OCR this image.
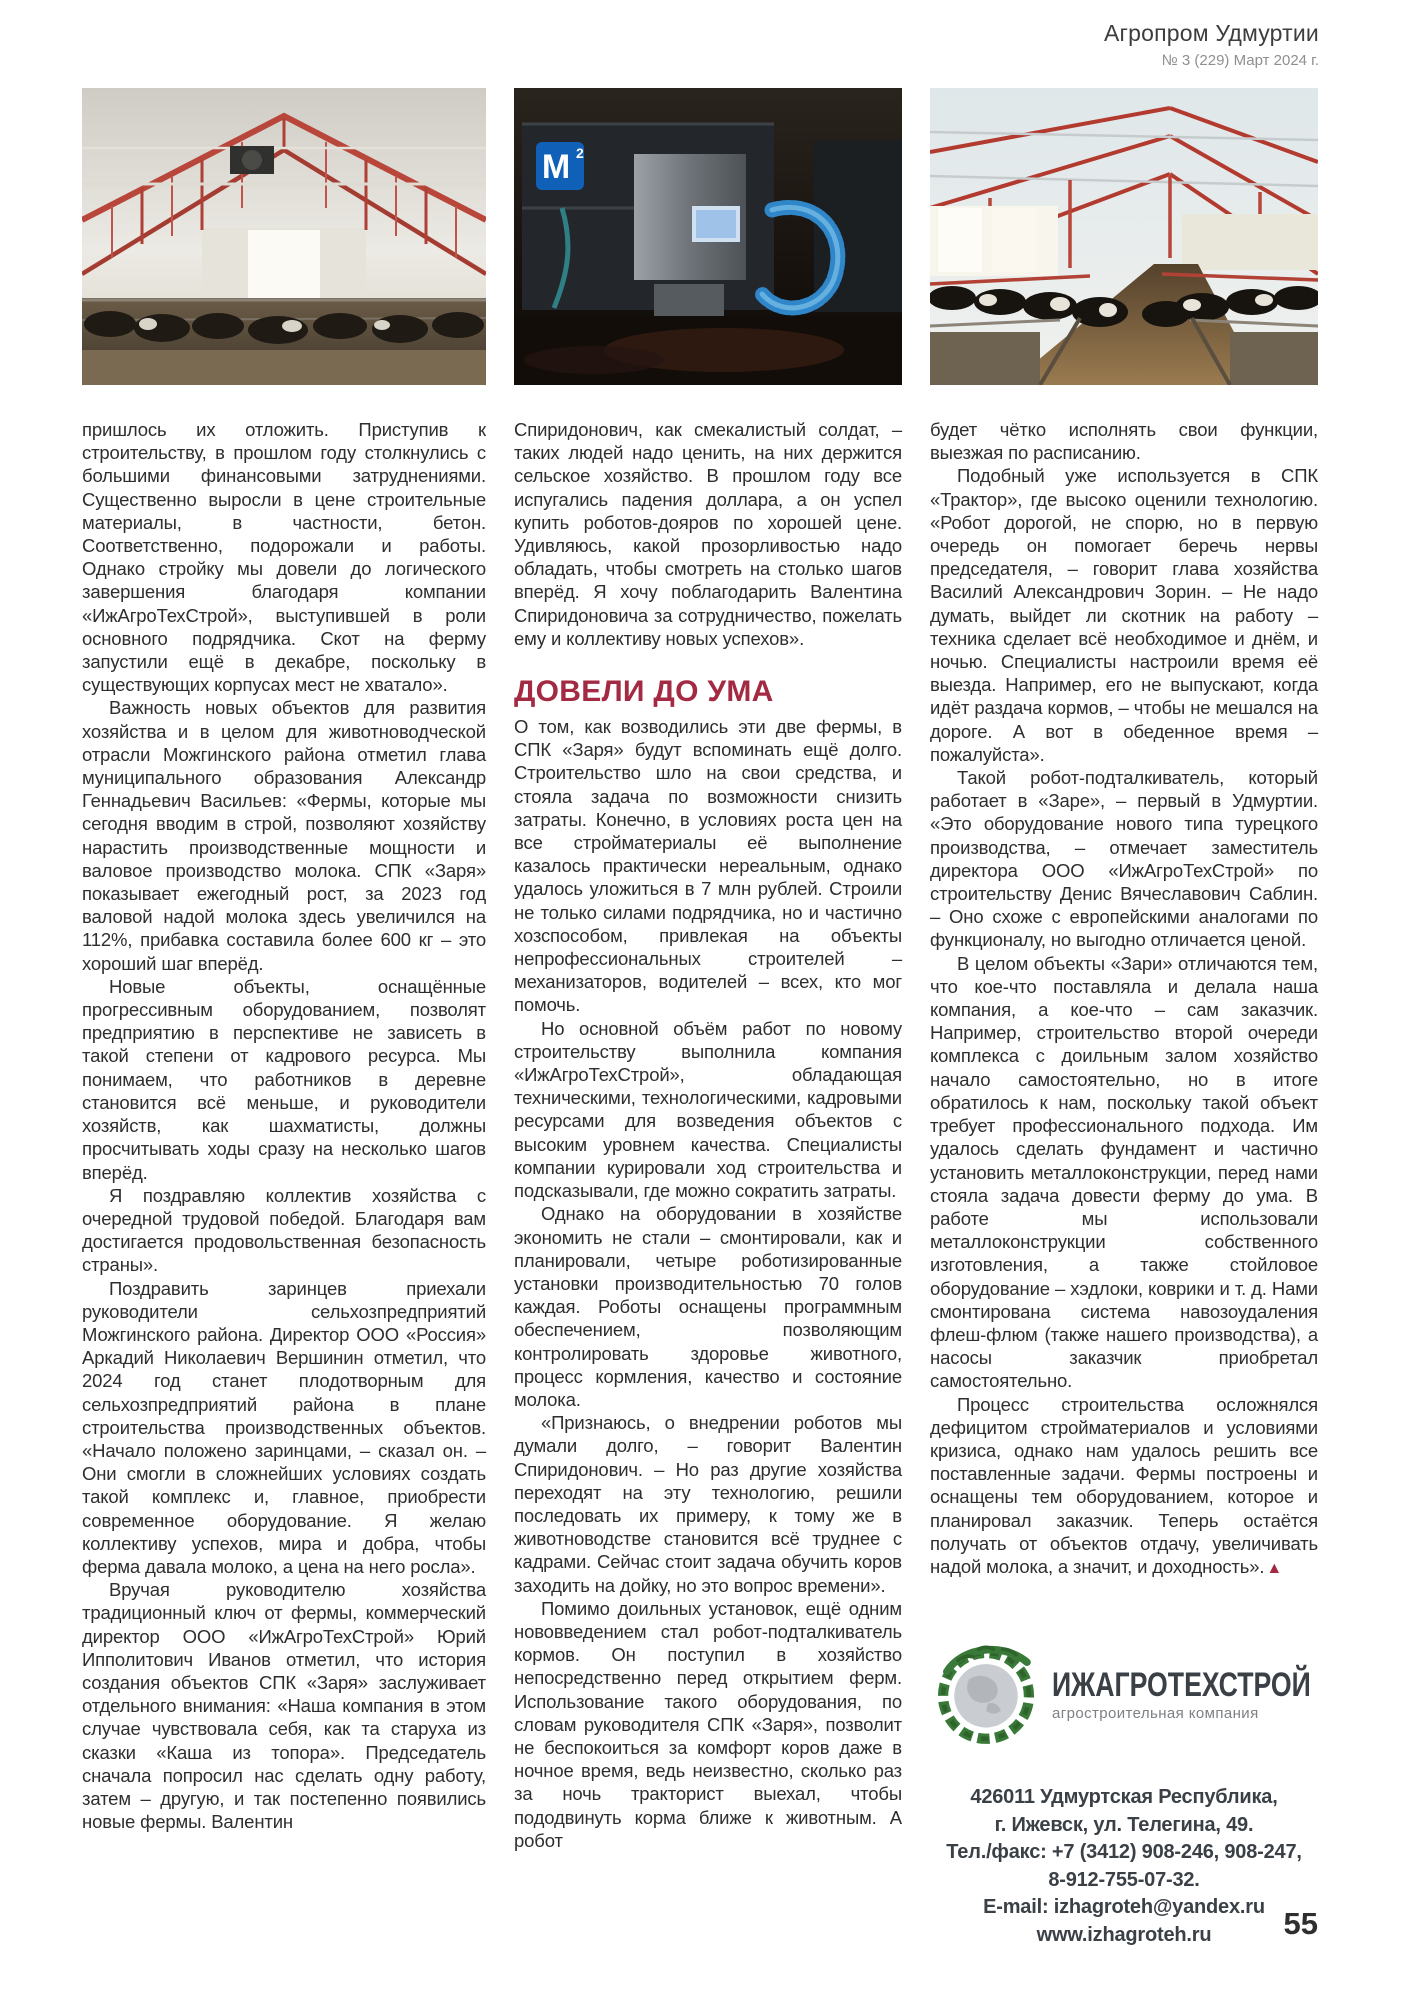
Агропром Удмуртии
№ 3 (229) Март 2024 г.

пришлось их отложить. Приступив к строительству, в прошлом году столкнулись с большими финансовыми затруднениями. Существенно выросли в цене строительные материалы, в частности, бетон. Соответственно, подорожали и работы. Однако стройку мы довели до логического завершения благодаря компании «ИжАгроТехСтрой», выступившей в роли основного подрядчика. Скот на ферму запустили ещё в декабре, поскольку в существующих корпусах мест не хватало».

Важность новых объектов для развития хозяйства и в целом для животноводческой отрасли Можгинского района отметил глава муниципального образования Александр Геннадьевич Васильев: «Фермы, которые мы сегодня вводим в строй, позволяют хозяйству нарастить производственные мощности и валовое производство молока. СПК «Заря» показывает ежегодный рост, за 2023 год валовой надой молока здесь увеличился на 112%, прибавка составила более 600 кг – это хороший шаг вперёд.

Новые объекты, оснащённые прогрессивным оборудованием, позволят предприятию в перспективе не зависеть в такой степени от кадрового ресурса. Мы понимаем, что работников в деревне становится всё меньше, и руководители хозяйств, как шахматисты, должны просчитывать ходы сразу на несколько шагов вперёд.

Я поздравляю коллектив хозяйства с очередной трудовой победой. Благодаря вам достигается продовольственная безопасность страны».

Поздравить заринцев приехали руководители сельхозпредприятий Можгинского района. Директор ООО «Россия» Аркадий Николаевич Вершинин отметил, что 2024 год станет плодотворным для сельхозпредприятий района в плане строительства производственных объектов. «Начало положено заринцами, – сказал он. – Они смогли в сложнейших условиях создать такой комплекс и, главное, приобрести современное оборудование. Я желаю коллективу успехов, мира и добра, чтобы ферма давала молоко, а цена на него росла».

Вручая руководителю хозяйства традиционный ключ от фермы, коммерческий директор ООО «ИжАгроТехСтрой» Юрий Ипполитович Иванов отметил, что история создания объектов СПК «Заря» заслуживает отдельного внимания: «Наша компания в этом случае чувствовала себя, как та старуха из сказки «Каша из топора». Председатель сначала попросил нас сделать одну работу, затем – другую, и так постепенно появились новые фермы. Валентин

M 2

Спиридонович, как смекалистый солдат, – таких людей надо ценить, на них держится сельское хозяйство. В прошлом году все испугались падения доллара, а он успел купить роботов-дояров по хорошей цене. Удивляюсь, какой прозорливостью надо обладать, чтобы смотреть на столько шагов вперёд. Я хочу поблагодарить Валентина Спиридоновича за сотрудничество, пожелать ему и коллективу новых успехов».

ДОВЕЛИ ДО УМА

О том, как возводились эти две фермы, в СПК «Заря» будут вспоминать ещё долго. Строительство шло на свои средства, и стояла задача по возможности снизить затраты. Конечно, в условиях роста цен на все стройматериалы её выполнение казалось практически нереальным, однако удалось уложиться в 7 млн рублей. Строили не только силами подрядчика, но и частично хозспособом, привлекая на объекты непрофессиональных строителей – механизаторов, водителей – всех, кто мог помочь.

Но основной объём работ по новому строительству выполнила компания «ИжАгроТехСтрой», обладающая техническими, технологическими, кадровыми ресурсами для возведения объектов с высоким уровнем качества. Специалисты компании курировали ход строительства и подсказывали, где можно сократить затраты.

Однако на оборудовании в хозяйстве экономить не стали – смонтировали, как и планировали, четыре роботизированные установки производительностью 70 голов каждая. Роботы оснащены программным обеспечением, позволяющим контролировать здоровье животного, процесс кормления, качество и состояние молока.

«Признаюсь, о внедрении роботов мы думали долго, – говорит Валентин Спиридонович. – Но раз другие хозяйства переходят на эту технологию, решили последовать их примеру, к тому же в животноводстве становится всё труднее с кадрами. Сейчас стоит задача обучить коров заходить на дойку, но это вопрос времени».

Помимо доильных установок, ещё одним нововведением стал робот-подталкиватель кормов. Он поступил в хозяйство непосредственно перед открытием ферм. Использование такого оборудования, по словам руководителя СПК «Заря», позволит не беспокоиться за комфорт коров даже в ночное время, ведь неизвестно, сколько раз за ночь тракторист выехал, чтобы пододвинуть корма ближе к животным. А робот

будет чётко исполнять свои функции, выезжая по расписанию.

Подобный уже используется в СПК «Трактор», где высоко оценили технологию. «Робот дорогой, не спорю, но в первую очередь он помогает беречь нервы председателя, – говорит глава хозяйства Василий Александрович Зорин. – Не надо думать, выйдет ли скотник на работу – техника сделает всё необходимое и днём, и ночью. Специалисты настроили время её выезда. Например, его не выпускают, когда идёт раздача кормов, – чтобы не мешался на дороге. А вот в обеденное время – пожалуйста».

Такой робот-подталкиватель, который работает в «Заре», – первый в Удмуртии. «Это оборудование нового типа турецкого производства, – отмечает заместитель директора ООО «ИжАгроТехСтрой» по строительству Денис Вячеславович Саблин. – Оно схоже с европейскими аналогами по функционалу, но выгодно отличается ценой.

В целом объекты «Зари» отличаются тем, что кое-что поставляла и делала наша компания, а кое-что – сам заказчик. Например, строительство второй очереди комплекса с доильным залом хозяйство начало самостоятельно, но в итоге обратилось к нам, поскольку такой объект требует профессионального подхода. Им удалось сделать фундамент и частично установить металлоконструкции, перед нами стояла задача довести ферму до ума. В работе мы использовали металлоконструкции собственного изготовления, а также стойловое оборудование – хэдлоки, коврики и т. д. Нами смонтирована система навозоудаления флеш-флюм (также нашего производства), а насосы заказчик приобретал самостоятельно.

Процесс строительства осложнялся дефицитом стройматериалов и условиями кризиса, однако нам удалось решить все поставленные задачи. Фермы построены и оснащены тем оборудованием, которое и планировал заказчик. Теперь остаётся получать от объектов отдачу, увеличивать надой молока, а значит, и доходность». ▲

ИЖАГРОТЕХСТРОЙ
агростроительная компания
426011 Удмуртская Республика,
г. Ижевск, ул. Телегина, 49.
Тел./факс: +7 (3412) 908-246, 908-247,
8-912-755-07-32.
E-mail: izhagroteh@yandex.ru
www.izhagroteh.ru	55
